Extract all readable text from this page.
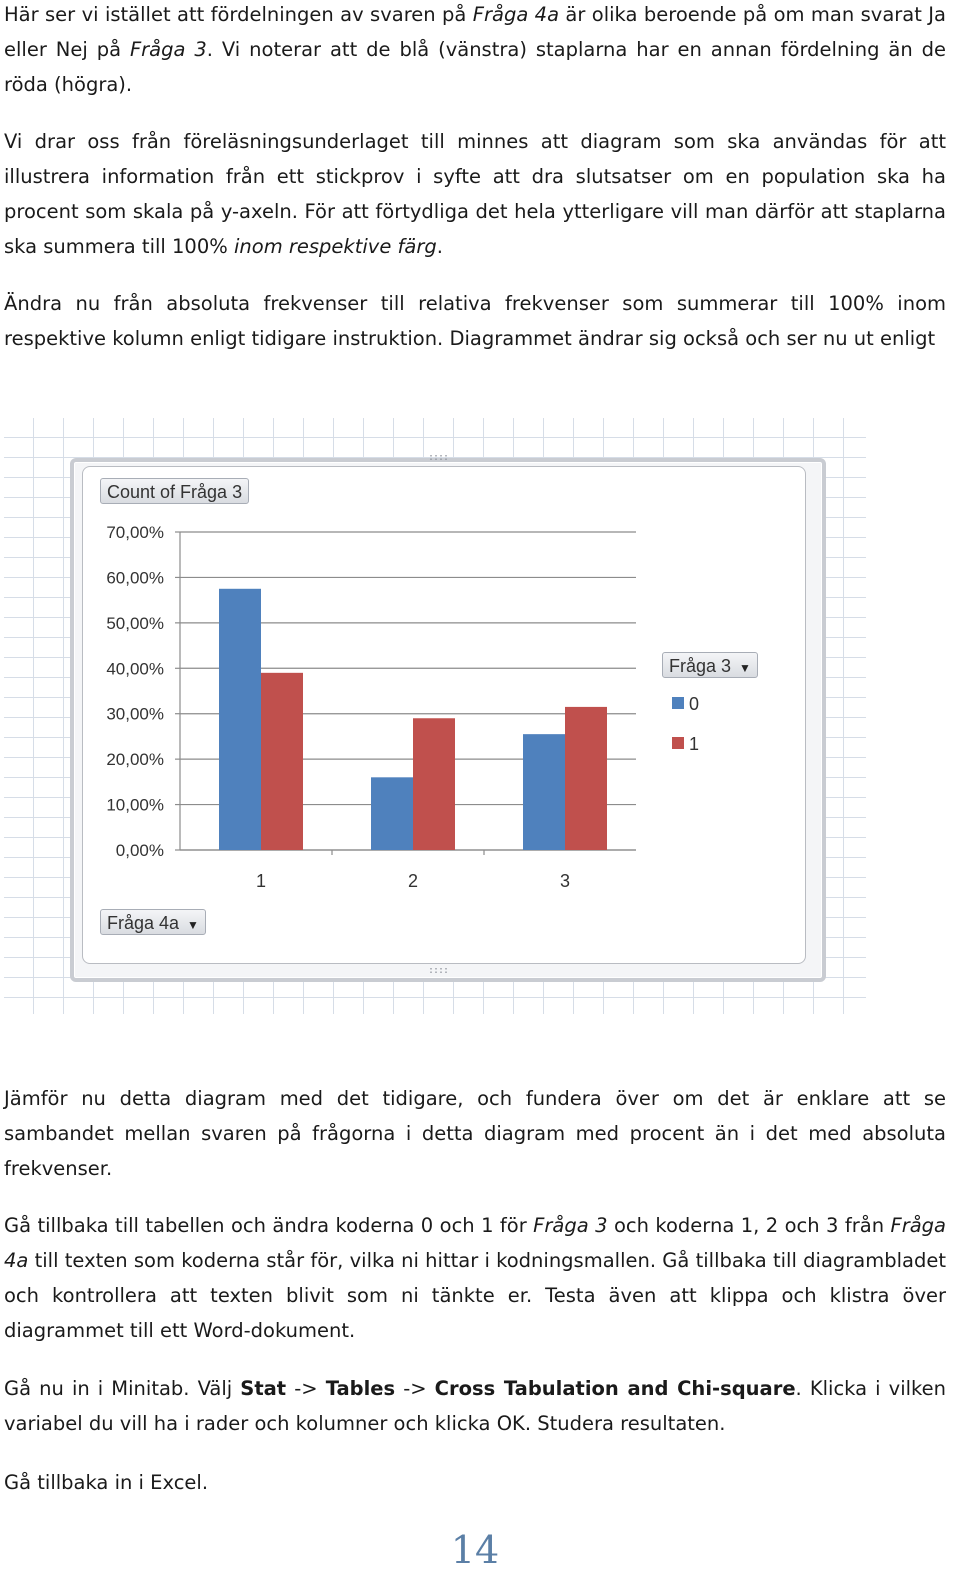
Här ser vi istället att fördelningen av svaren på Fråga 4a är olika beroende på om man svarat Ja eller Nej på Fråga 3. Vi noterar att de blå (vänstra) staplarna har en annan fördelning än de röda (högra).

Vi drar oss från föreläsningsunderlaget till minnes att diagram som ska användas för att illustrera information från ett stickprov i syfte att dra slutsatser om en population ska ha procent som skala på y-axeln. För att förtydliga det hela ytterligare vill man därför att staplarna ska summera till 100% inom respektive färg.

Ändra nu från absoluta frekvenser till relativa frekvenser som summerar till 100% inom respektive kolumn enligt tidigare instruktion. Diagrammet ändrar sig också och ser nu ut enligt

::::
::::
Count of Fråga 3
Fråga 3 ▼
Fråga 4a ▼
0,00%
10,00%
20,00%
30,00%
40,00%
50,00%
60,00%
70,00%
1	2	3
0
1

Jämför nu detta diagram med det tidigare, och fundera över om det är enklare att se sambandet mellan svaren på frågorna i detta diagram med procent än i det med absoluta frekvenser.

Gå tillbaka till tabellen och ändra koderna 0 och 1 för Fråga 3 och koderna 1, 2 och 3 från Fråga 4a till texten som koderna står för, vilka ni hittar i kodningsmallen. Gå tillbaka till diagrambladet och kontrollera att texten blivit som ni tänkte er. Testa även att klippa och klistra över diagrammet till ett Word-dokument.

Gå nu in i Minitab. Välj Stat -> Tables -> Cross Tabulation and Chi-square. Klicka i vilken variabel du vill ha i rader och kolumner och klicka OK. Studera resultaten.

Gå tillbaka in i Excel.

14
